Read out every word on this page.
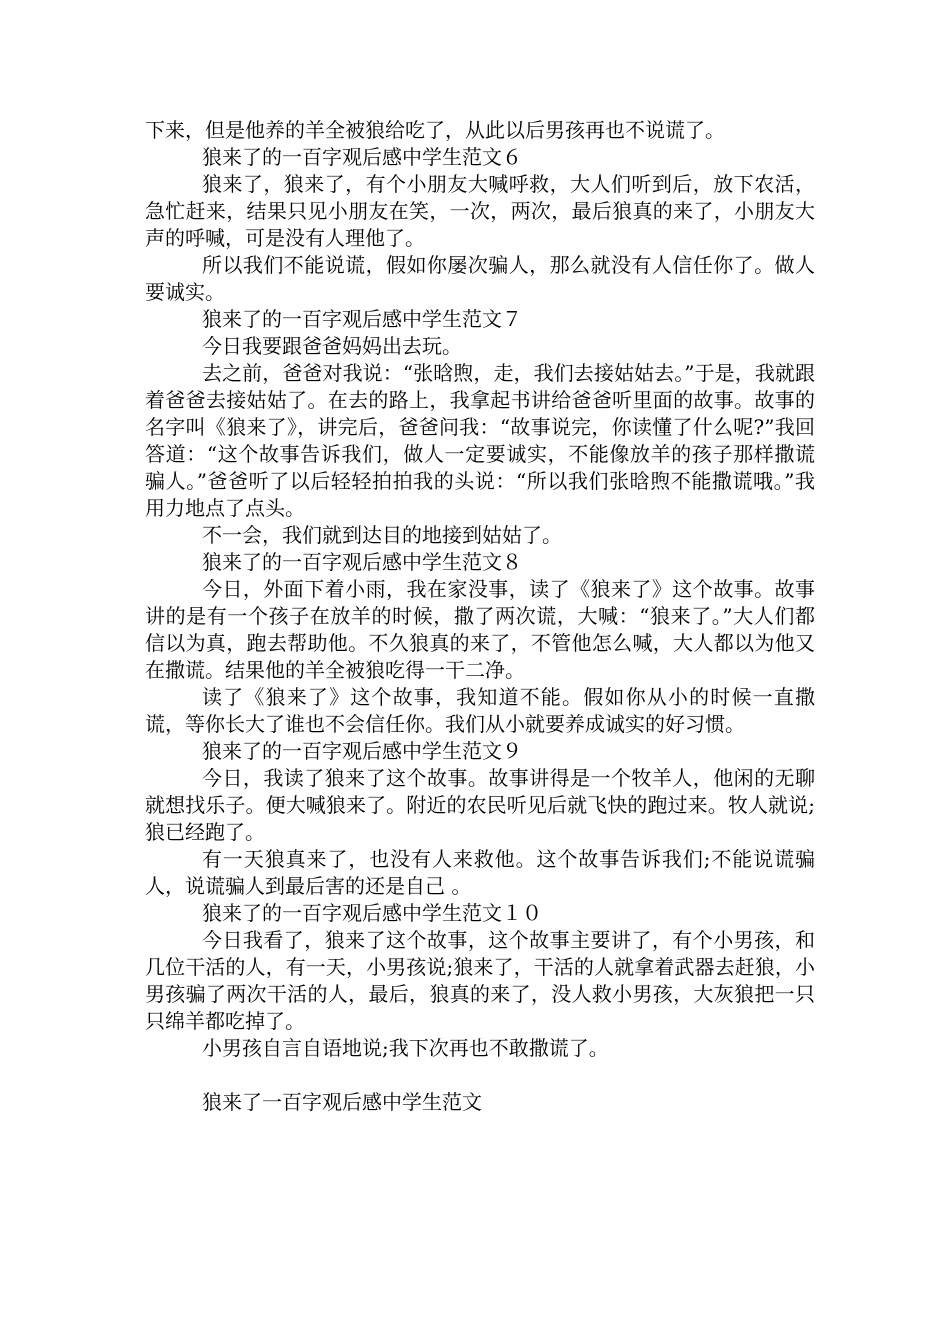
下来，但是他养的羊全被狼给吃了，从此以后男孩再也不说谎了。

狼来了的一百字观后感中学生范文６

狼来了，狼来了，有个小朋友大喊呼救，大人们听到后，放下农活，急忙赶来，结果只见小朋友在笑，一次，两次，最后狼真的来了，小朋友大声的呼喊，可是没有人理他了。

所以我们不能说谎，假如你屡次骗人，那么就没有人信任你了。做人要诚实。

狼来了的一百字观后感中学生范文７

今日我要跟爸爸妈妈出去玩。

去之前，爸爸对我说：“张晗煦，走，我们去接姑姑去。”于是，我就跟着爸爸去接姑姑了。在去的路上，我拿起书讲给爸爸听里面的故事。故事的名字叫《狼来了》，讲完后，爸爸问我：“故事说完，你读懂了什么呢?”我回答道：“这个故事告诉我们，做人一定要诚实，不能像放羊的孩子那样撒谎骗人。”爸爸听了以后轻轻拍拍我的头说：“所以我们张晗煦不能撒谎哦。”我用力地点了点头。

不一会，我们就到达目的地接到姑姑了。

狼来了的一百字观后感中学生范文８

今日，外面下着小雨，我在家没事，读了《狼来了》这个故事。故事讲的是有一个孩子在放羊的时候，撒了两次谎，大喊：“狼来了。”大人们都信以为真，跑去帮助他。不久狼真的来了，不管他怎么喊，大人都以为他又在撒谎。结果他的羊全被狼吃得一干二净。

读了《狼来了》这个故事，我知道不能。假如你从小的时候一直撒谎，等你长大了谁也不会信任你。我们从小就要养成诚实的好习惯。

狼来了的一百字观后感中学生范文９

今日，我读了狼来了这个故事。故事讲得是一个牧羊人，他闲的无聊就想找乐子。便大喊狼来了。附近的农民听见后就飞快的跑过来。牧人就说;狼已经跑了。

有一天狼真来了，也没有人来救他。这个故事告诉我们;不能说谎骗人，说谎骗人到最后害的还是自己 。

狼来了的一百字观后感中学生范文１０

今日我看了，狼来了这个故事，这个故事主要讲了，有个小男孩，和几位干活的人，有一天，小男孩说;狼来了，干活的人就拿着武器去赶狼，小男孩骗了两次干活的人，最后，狼真的来了，没人救小男孩，大灰狼把一只只绵羊都吃掉了。

小男孩自言自语地说;我下次再也不敢撒谎了。

狼来了一百字观后感中学生范文
